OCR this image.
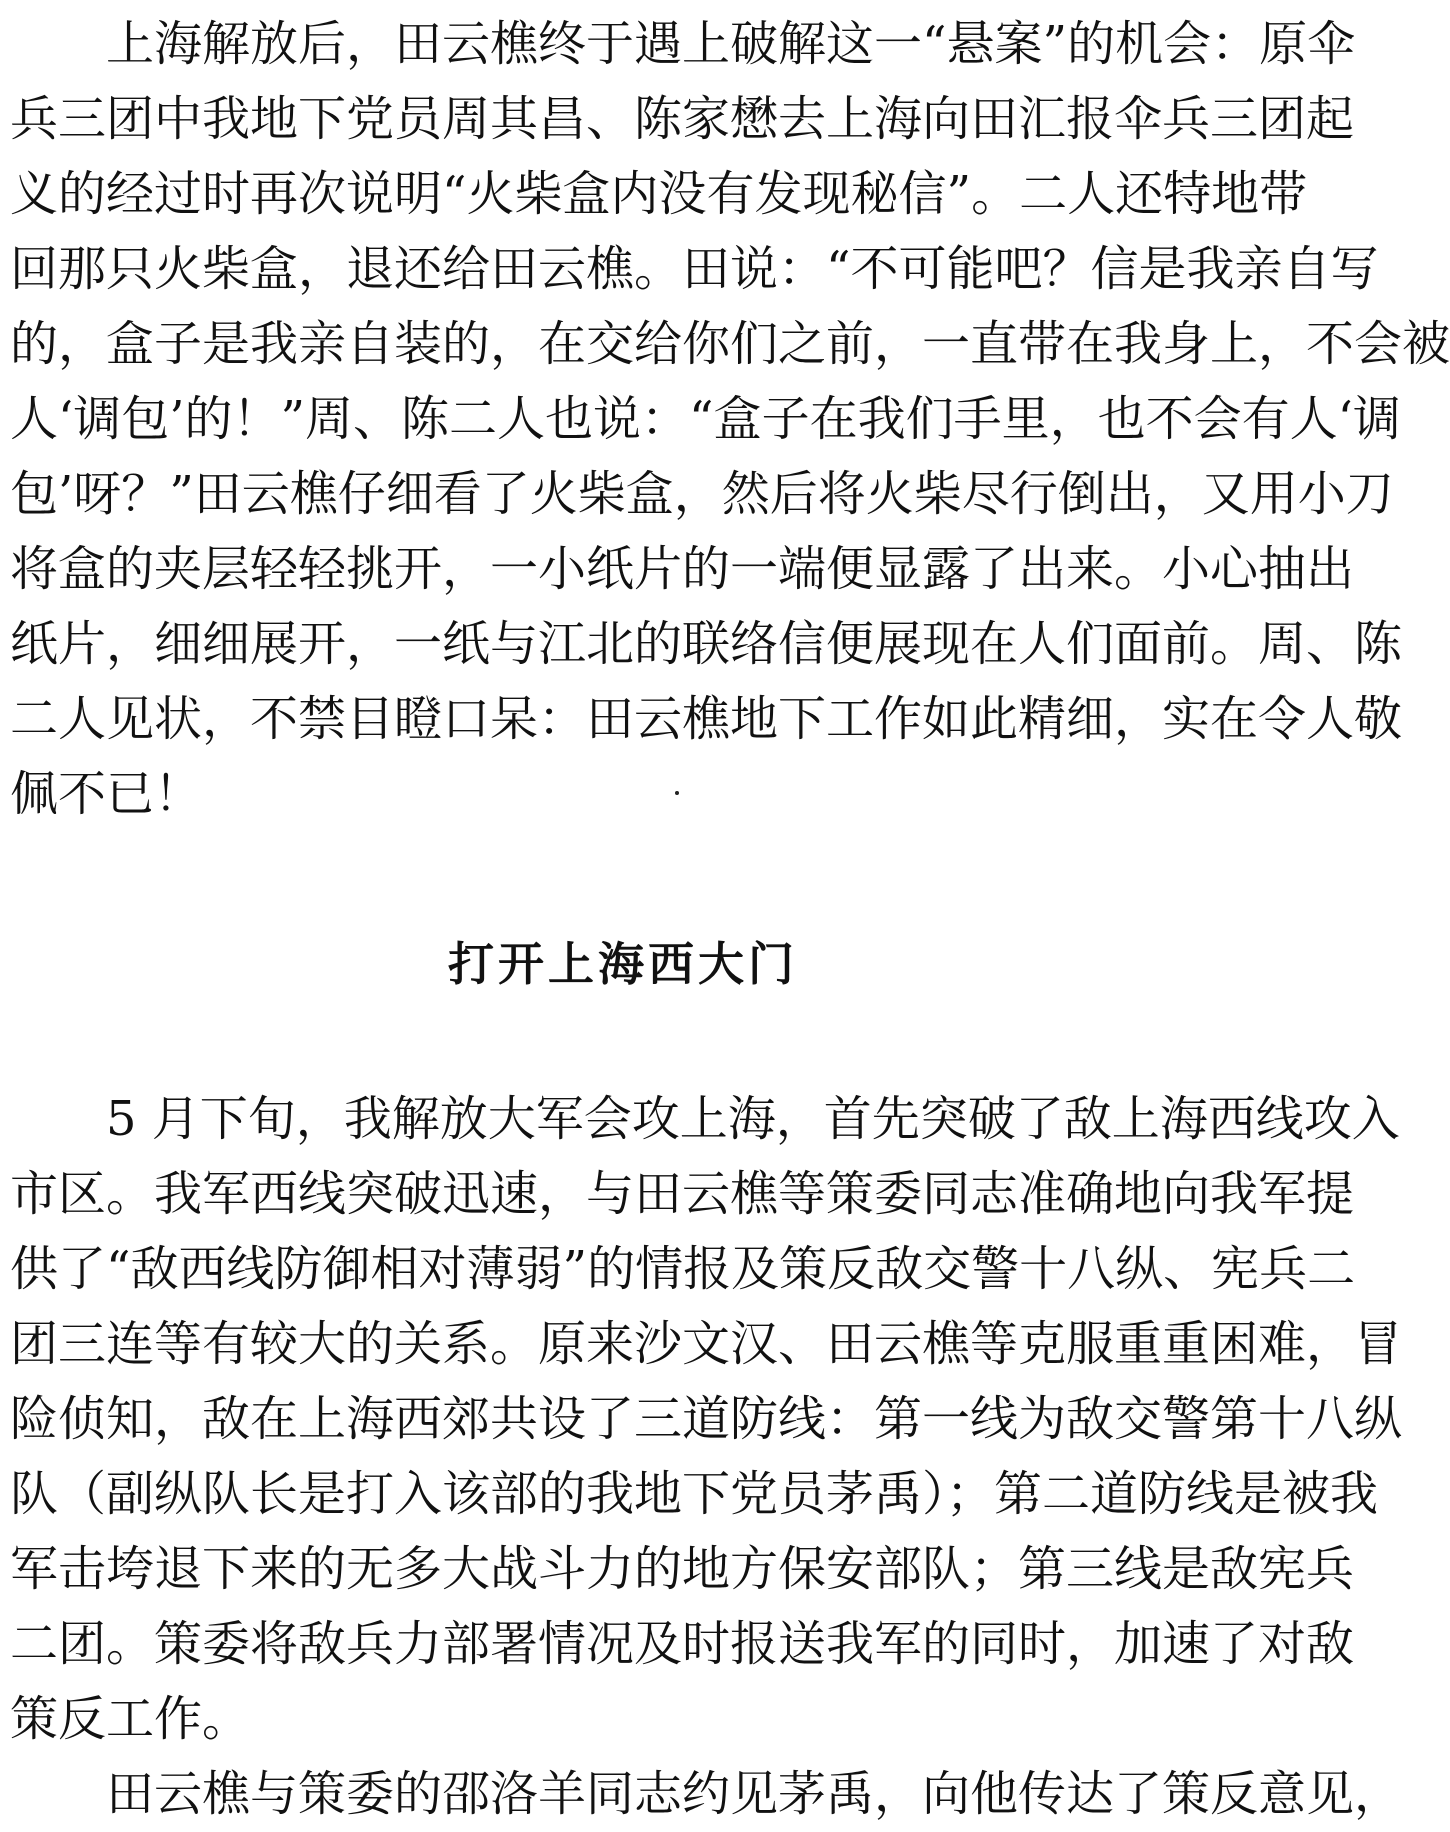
　　上海解放后，田云樵终于遇上破解这一“悬案”的机会：原伞
兵三团中我地下党员周其昌、陈家懋去上海向田汇报伞兵三团起
义的经过时再次说明“火柴盒内没有发现秘信”。二人还特地带
回那只火柴盒，退还给田云樵。田说：“不可能吧？信是我亲自写
的，盒子是我亲自装的，在交给你们之前，一直带在我身上，不会被
人‘调包’的！”周、陈二人也说：“盒子在我们手里，也不会有人‘调
包’呀？”田云樵仔细看了火柴盒，然后将火柴尽行倒出，又用小刀
将盒的夹层轻轻挑开，一小纸片的一端便显露了出来。小心抽出
纸片，细细展开，一纸与江北的联络信便展现在人们面前。周、陈
二人见状，不禁目瞪口呆：田云樵地下工作如此精细，实在令人敬
佩不已！
打开上海西大门
　　5 月下旬，我解放大军会攻上海，首先突破了敌上海西线攻入
市区。我军西线突破迅速，与田云樵等策委同志准确地向我军提
供了“敌西线防御相对薄弱”的情报及策反敌交警十八纵、宪兵二
团三连等有较大的关系。原来沙文汉、田云樵等克服重重困难，冒
险侦知，敌在上海西郊共设了三道防线：第一线为敌交警第十八纵
队（副纵队长是打入该部的我地下党员茅禹）；第二道防线是被我
军击垮退下来的无多大战斗力的地方保安部队；第三线是敌宪兵
二团。策委将敌兵力部署情况及时报送我军的同时，加速了对敌
策反工作。
　　田云樵与策委的邵洛羊同志约见茅禹，向他传达了策反意见，
